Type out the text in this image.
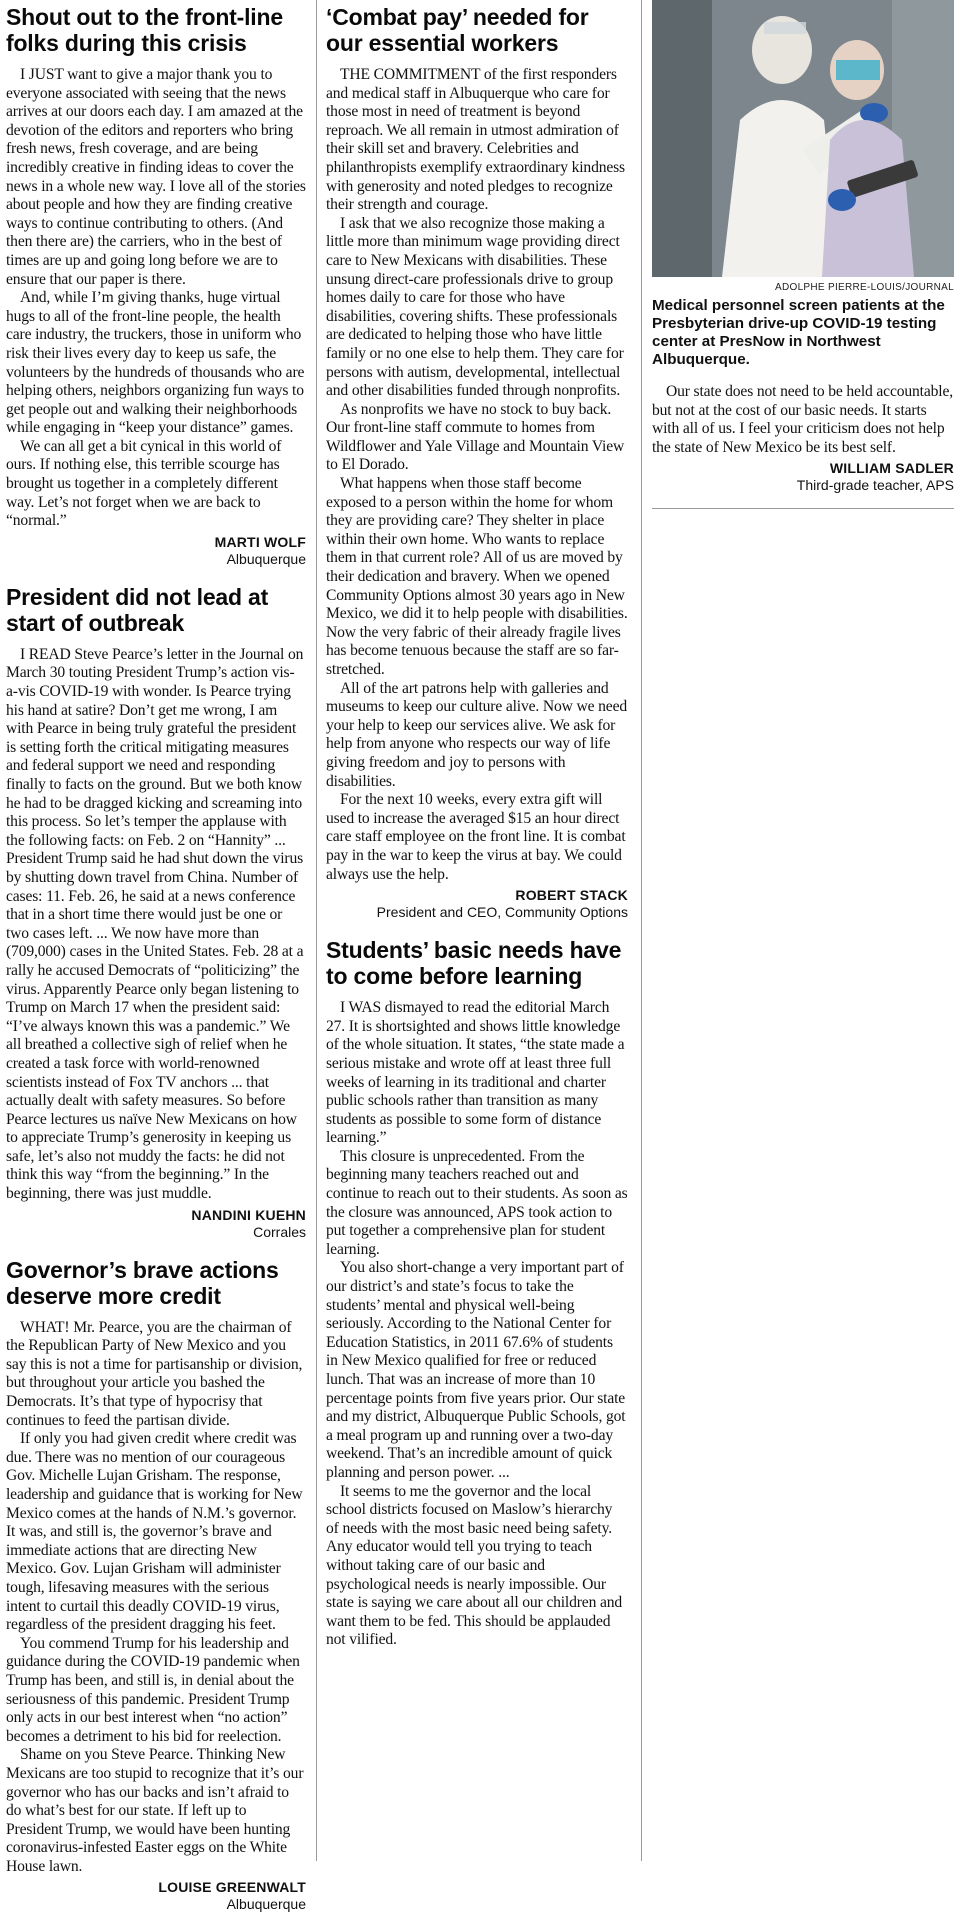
Shout out to the front-line folks during this crisis

I JUST want to give a major thank you to everyone associated with seeing that the news arrives at our doors each day. I am amazed at the devotion of the editors and reporters who bring fresh news, fresh coverage, and are being incredibly creative in finding ideas to cover the news in a whole new way. I love all of the stories about people and how they are finding creative ways to continue contributing to others. (And then there are) the carriers, who in the best of times are up and going long before we are to ensure that our paper is there.

And, while I’m giving thanks, huge virtual hugs to all of the front-line people, the health care industry, the truckers, those in uniform who risk their lives every day to keep us safe, the volunteers by the hundreds of thousands who are helping others, neighbors organizing fun ways to get people out and walking their neighborhoods while engaging in “keep your distance” games.

We can all get a bit cynical in this world of ours. If nothing else, this terrible scourge has brought us together in a completely different way. Let’s not forget when we are back to “normal.”

MARTI WOLF
Albuquerque
President did not lead at start of outbreak

I READ Steve Pearce’s letter in the Journal on March 30 touting President Trump’s action vis-a-vis COVID-19 with wonder. Is Pearce trying his hand at satire? Don’t get me wrong, I am with Pearce in being truly grateful the president is setting forth the critical mitigating measures and federal support we need and responding finally to facts on the ground. But we both know he had to be dragged kicking and screaming into this process. So let’s temper the applause with the following facts: on Feb. 2 on “Hannity” ... President Trump said he had shut down the virus by shutting down travel from China. Number of cases: 11. Feb. 26, he said at a news conference that in a short time there would just be one or two cases left. ... We now have more than (709,000) cases in the United States. Feb. 28 at a rally he accused Democrats of “politicizing” the virus. Apparently Pearce only began listening to Trump on March 17 when the president said: “I’ve always known this was a pandemic.” We all breathed a collective sigh of relief when he created a task force with world-renowned scientists instead of Fox TV anchors ... that actually dealt with safety measures. So before Pearce lectures us naïve New Mexicans on how to appreciate Trump’s generosity in keeping us safe, let’s also not muddy the facts: he did not think this way “from the beginning.” In the beginning, there was just muddle.

NANDINI KUEHN
Corrales
Governor’s brave actions deserve more credit

WHAT! Mr. Pearce, you are the chairman of the Republican Party of New Mexico and you say this is not a time for partisanship or division, but throughout your article you bashed the Democrats. It’s that type of hypocrisy that continues to feed the partisan divide.

If only you had given credit where credit was due. There was no mention of our courageous Gov. Michelle Lujan Grisham. The response, leadership and guidance that is working for New Mexico comes at the hands of N.M.’s governor. It was, and still is, the governor’s brave and immediate actions that are directing New Mexico. Gov. Lujan Grisham will administer tough, lifesaving measures with the serious intent to curtail this deadly COVID-19 virus, regardless of the president dragging his feet.

You commend Trump for his leadership and guidance during the COVID-19 pandemic when Trump has been, and still is, in denial about the seriousness of this pandemic. President Trump only acts in our best interest when “no action” becomes a detriment to his bid for reelection.

Shame on you Steve Pearce. Thinking New Mexicans are too stupid to recognize that it’s our governor who has our backs and isn’t afraid to do what’s best for our state. If left up to President Trump, we would have been hunting coronavirus-infested Easter eggs on the White House lawn.

LOUISE GREENWALT
Albuquerque
‘Combat pay’ needed for our essential workers

THE COMMITMENT of the first responders and medical staff in Albuquerque who care for those most in need of treatment is beyond reproach. We all remain in utmost admiration of their skill set and bravery. Celebrities and philanthropists exemplify extraordinary kindness with generosity and noted pledges to recognize their strength and courage.

I ask that we also recognize those making a little more than minimum wage providing direct care to New Mexicans with disabilities. These unsung direct-care professionals drive to group homes daily to care for those who have disabilities, covering shifts. These professionals are dedicated to helping those who have little family or no one else to help them. They care for persons with autism, developmental, intellectual and other disabilities funded through nonprofits.

As nonprofits we have no stock to buy back. Our front-line staff commute to homes from Wildflower and Yale Village and Mountain View to El Dorado.

What happens when those staff become exposed to a person within the home for whom they are providing care? They shelter in place within their own home. Who wants to replace them in that current role? All of us are moved by their dedication and bravery. When we opened Community Options almost 30 years ago in New Mexico, we did it to help people with disabilities. Now the very fabric of their already fragile lives has become tenuous because the staff are so far-stretched.

All of the art patrons help with galleries and museums to keep our culture alive. Now we need your help to keep our services alive. We ask for help from anyone who respects our way of life giving freedom and joy to persons with disabilities.

For the next 10 weeks, every extra gift will used to increase the averaged $15 an hour direct care staff employee on the front line. It is combat pay in the war to keep the virus at bay. We could always use the help.

ROBERT STACK
President and CEO, Community Options
Students’ basic needs have to come before learning

I WAS dismayed to read the editorial March 27. It is shortsighted and shows little knowledge of the whole situation. It states, “the state made a serious mistake and wrote off at least three full weeks of learning in its traditional and charter public schools rather than transition as many students as possible to some form of distance learning.”

This closure is unprecedented. From the beginning many teachers reached out and continue to reach out to their students. As soon as the closure was announced, APS took action to put together a comprehensive plan for student learning.

You also short-change a very important part of our district’s and state’s focus to take the students’ mental and physical well-being seriously. According to the National Center for Education Statistics, in 2011 67.6% of students in New Mexico qualified for free or reduced lunch. That was an increase of more than 10 percentage points from five years prior. Our state and my district, Albuquerque Public Schools, got a meal program up and running over a two-day weekend. That’s an incredible amount of quick planning and person power. ...

It seems to me the governor and the local school districts focused on Maslow’s hierarchy of needs with the most basic need being safety. Any educator would tell you trying to teach without taking care of our basic and psychological needs is nearly impossible. Our state is saying we care about all our children and want them to be fed. This should be applauded not vilified.

ADOLPHE PIERRE-LOUIS/JOURNAL
Medical personnel screen patients at the Presbyterian drive-up COVID-19 testing center at PresNow in Northwest Albuquerque.

Our state does not need to be held accountable, but not at the cost of our basic needs. It starts with all of us. I feel your criticism does not help the state of New Mexico be its best self.

WILLIAM SADLER
Third-grade teacher, APS
